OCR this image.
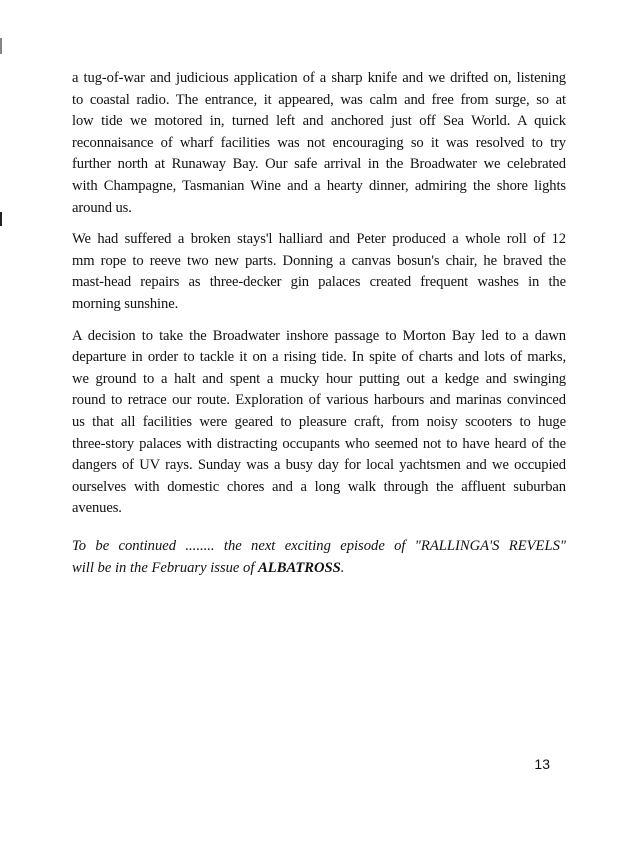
a tug-of-war and judicious application of a sharp knife and we drifted on, listening
to coastal radio. The entrance, it appeared, was calm and free from surge, so at
low tide we motored in, turned left and anchored just off Sea World. A quick
reconnaisance of wharf facilities was not encouraging so it was resolved to try
further north at Runaway Bay. Our safe arrival in the Broadwater we celebrated
with Champagne, Tasmanian Wine and a hearty dinner, admiring the shore lights
around us.

We had suffered a broken stays'l halliard and Peter produced a whole roll of 12
mm rope to reeve two new parts. Donning a canvas bosun's chair, he braved the
mast-head repairs as three-decker gin palaces created frequent washes in the
morning sunshine.

A decision to take the Broadwater inshore passage to Morton Bay led to a dawn
departure in order to tackle it on a rising tide. In spite of charts and lots of marks,
we ground to a halt and spent a mucky hour putting out a kedge and swinging
round to retrace our route. Exploration of various harbours and marinas convinced
us that all facilities were geared to pleasure craft, from noisy scooters to huge
three-story palaces with distracting occupants who seemed not to have heard of the
dangers of UV rays. Sunday was a busy day for local yachtsmen and we occupied
ourselves with domestic chores and a long walk through the affluent suburban
avenues.

To be continued ........ the next exciting episode of "RALLINGA'S REVELS"
will be in the February issue of ALBATROSS.
13
